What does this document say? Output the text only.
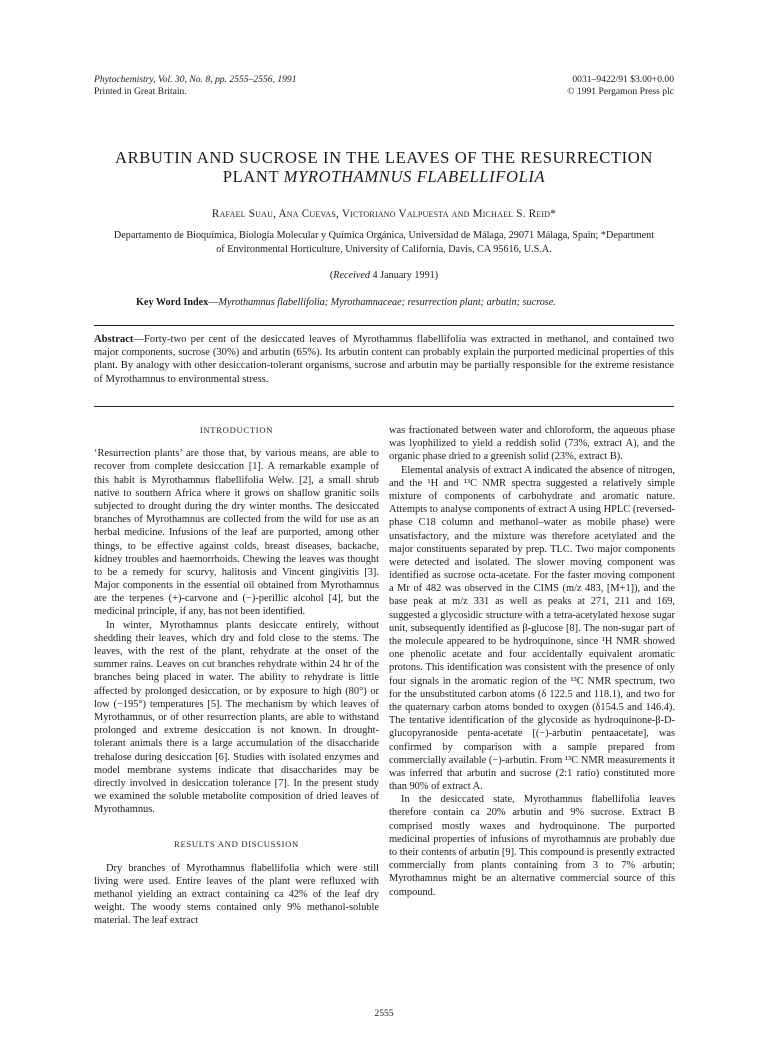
Phytochemistry, Vol. 30, No. 8, pp. 2555–2556, 1991
Printed in Great Britain.
0031–9422/91 $3.00+0.00
© 1991 Pergamon Press plc
ARBUTIN AND SUCROSE IN THE LEAVES OF THE RESURRECTION
PLANT MYROTHAMNUS FLABELLIFOLIA
Rafael Suau, Ana Cuevas, Victoriano Valpuesta and Michael S. Reid*
Departamento de Bioquímica, Biología Molecular y Química Orgánica, Universidad de Málaga, 29071 Málaga, Spain; *Department
of Environmental Horticulture, University of California, Davis, CA 95616, U.S.A.
(Received 4 January 1991)
Key Word Index—Myrothamnus flabellifolia; Myrothamnaceae; resurrection plant; arbutin; sucrose.
Abstract—Forty-two per cent of the desiccated leaves of Myrothamnus flabellifolia was extracted in methanol, and contained two major components, sucrose (30%) and arbutin (65%). Its arbutin content can probably explain the purported medicinal properties of this plant. By analogy with other desiccation-tolerant organisms, sucrose and arbutin may be partially responsible for the extreme resistance of Myrothamnus to environmental stress.
INTRODUCTION

‘Resurrection plants’ are those that, by various means, are able to recover from complete desiccation [1]. A remarkable example of this habit is Myrothamnus flabellifolia Welw. [2], a small shrub native to southern Africa where it grows on shallow granitic soils subjected to drought during the dry winter months. The desiccated branches of Myrothamnus are collected from the wild for use as an herbal medicine. Infusions of the leaf are purported, among other things, to be effective against colds, breast diseases, backache, kidney troubles and haemorrhoids. Chewing the leaves was thought to be a remedy for scurvy, halitosis and Vincent gingivitis [3]. Major components in the essential oil obtained from Myrothamnus are the terpenes (+)-carvone and (−)-perillic alcohol [4], but the medicinal principle, if any, has not been identified.

In winter, Myrothamnus plants desiccate entirely, without shedding their leaves, which dry and fold close to the stems. The leaves, with the rest of the plant, rehydrate at the onset of the summer rains. Leaves on cut branches rehydrate within 24 hr of the branches being placed in water. The ability to rehydrate is little affected by prolonged desiccation, or by exposure to high (80°) or low (−195°) temperatures [5]. The mechanism by which leaves of Myrothamnus, or of other resurrection plants, are able to withstand prolonged and extreme desiccation is not known. In drought-tolerant animals there is a large accumulation of the disaccharide trehalose during desiccation [6]. Studies with isolated enzymes and model membrane systems indicate that disaccharides may be directly involved in desiccation tolerance [7]. In the present study we examined the soluble metabolite composition of dried leaves of Myrothamnus.

RESULTS AND DISCUSSION

Dry branches of Myrothamnus flabellifolia which were still living were used. Entire leaves of the plant were refluxed with methanol yielding an extract containing ca 42% of the leaf dry weight. The woody stems contained only 9% methanol-soluble material. The leaf extract

was fractionated between water and chloroform, the aqueous phase was lyophilized to yield a reddish solid (73%, extract A), and the organic phase dried to a greenish solid (23%, extract B).

Elemental analysis of extract A indicated the absence of nitrogen, and the ¹H and ¹³C NMR spectra suggested a relatively simple mixture of components of carbohydrate and aromatic nature. Attempts to analyse components of extract A using HPLC (reversed-phase C18 column and methanol–water as mobile phase) were unsatisfactory, and the mixture was therefore acetylated and the major constituents separated by prep. TLC. Two major components were detected and isolated. The slower moving component was identified as sucrose octa-acetate. For the faster moving component a Mr of 482 was observed in the CIMS (m/z 483, [M+1]), and the base peak at m/z 331 as well as peaks at 271, 211 and 169, suggested a glycosidic structure with a tetra-acetylated hexose sugar unit, subsequently identified as β-glucose [8]. The non-sugar part of the molecule appeared to be hydroquinone, since ¹H NMR showed one phenolic acetate and four accidentally equivalent aromatic protons. This identification was consistent with the presence of only four signals in the aromatic region of the ¹³C NMR spectrum, two for the unsubstituted carbon atoms (δ 122.5 and 118.1), and two for the quaternary carbon atoms bonded to oxygen (δ154.5 and 146.4). The tentative identification of the glycoside as hydroquinone-β-D-glucopyranoside penta-acetate [(−)-arbutin pentaacetate], was confirmed by comparison with a sample prepared from commercially available (−)-arbutin. From ¹³C NMR measurements it was inferred that arbutin and sucrose (2:1 ratio) constituted more than 90% of extract A.

In the desiccated state, Myrothamnus flabellifolia leaves therefore contain ca 20% arbutin and 9% sucrose. Extract B comprised mostly waxes and hydroquinone. The purported medicinal properties of infusions of myrothamnus are probably due to their contents of arbutin [9]. This compound is presently extracted commercially from plants containing from 3 to 7% arbutin; Myrothamnus might be an alternative commercial source of this compound.

2555
